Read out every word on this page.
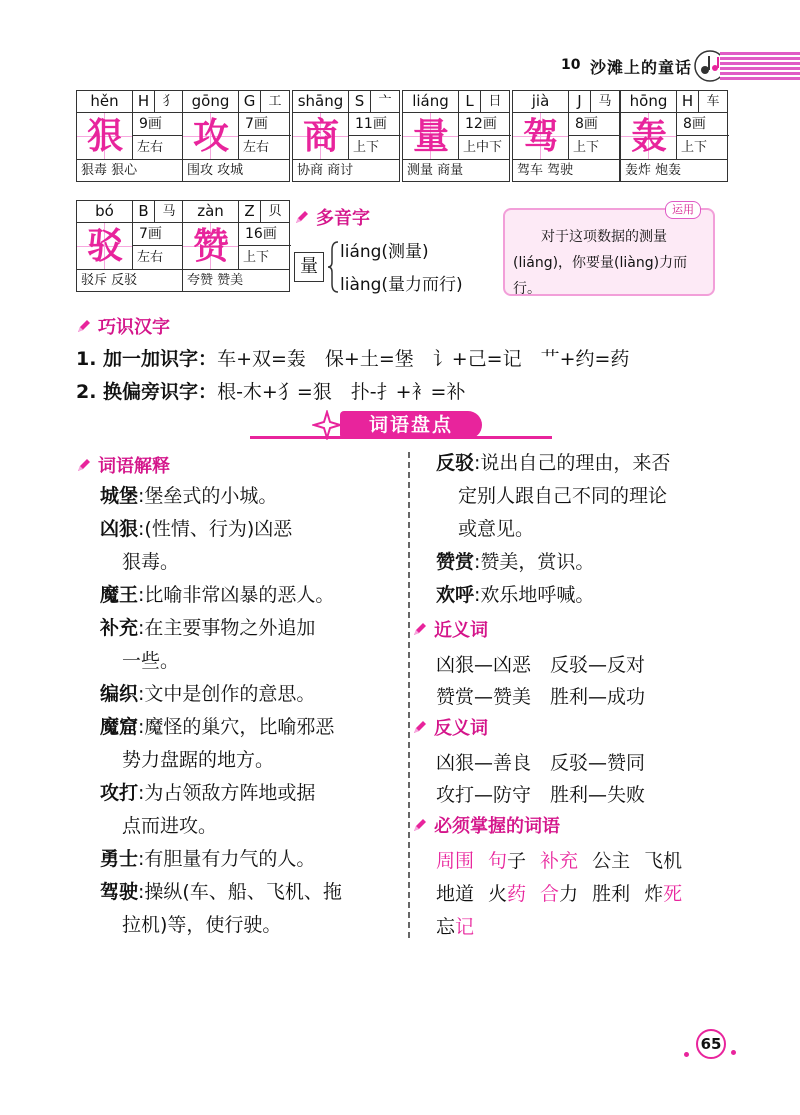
10 沙滩上的童话
hěn	H	犭
狠	9画
左右
狠毒 狠心
gōng G	工
攻	7画
左右
围攻 攻城
shāng S	亠
商	11画
上下
协商 商讨
liáng	L	日
量	12画
上中下
测量 商量
jià	J	马
驾	8画
上下
驾车 驾驶
hōng H	车
轰	8画
上下
轰炸 炮轰
bó	B	马
驳	7画
左右
驳斥 反驳
zàn	Z	贝
赞	16画
上下
夸赞 赞美
多音字
量
liáng(测量)
liàng(量力而行)
运用

对于这项数据的测量(liáng)，你要量(liàng)力而行。

巧识汉字
1. 加一加识字：车+双=轰　保+土=堡　讠+己=记　艹+约=药
2. 换偏旁识字：根-木+犭=狠　扑-扌+衤=补
词语盘点
词语解释
城堡:堡垒式的小城。
凶狠:(性情、行为)凶恶
狠毒。
魔王:比喻非常凶暴的恶人。
补充:在主要事物之外追加
一些。
编织:文中是创作的意思。
魔窟:魔怪的巢穴，比喻邪恶
势力盘踞的地方。
攻打:为占领敌方阵地或据
点而进攻。
勇士:有胆量有力气的人。
驾驶:操纵(车、船、飞机、拖
拉机)等，使行驶。
反驳:说出自己的理由，来否
定别人跟自己不同的理论
或意见。
赞赏:赞美，赏识。
欢呼:欢乐地呼喊。
近义词
凶狠—凶恶　反驳—反对
赞赏—赞美　胜利—成功
反义词
凶狠—善良　反驳—赞同
攻打—防守　胜利—失败
必须掌握的词语
周围 句子 补充 公主 飞机
地道 火药 合力 胜利 炸死
忘记
65
